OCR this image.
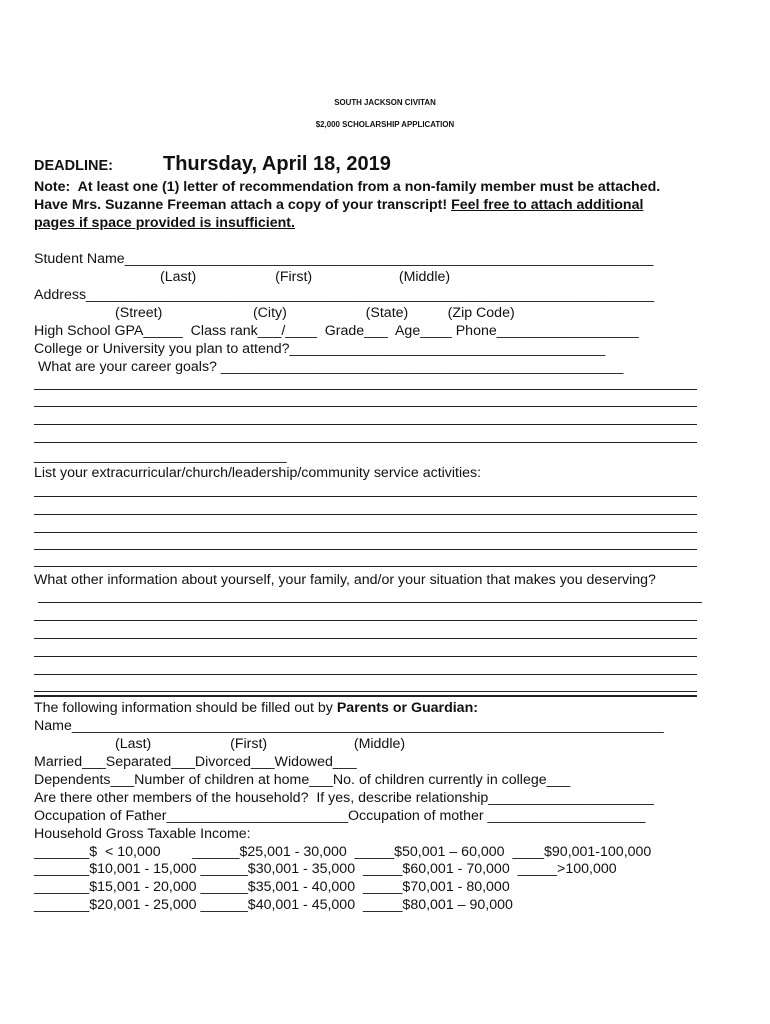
SOUTH JACKSON CIVITAN
$2,000 SCHOLARSHIP APPLICATION
DEADLINE:	Thursday, April 18, 2019
Note:  At least one (1) letter of recommendation from a non-family member must be attached.
Have Mrs. Suzanne Freeman attach a copy of your transcript! Feel free to attach additional
pages if space provided is insufficient.
Student Name___________________________________________________________________
(Last)                    (First)                      (Middle)
Address________________________________________________________________________
(Street)                       (City)                    (State)          (Zip Code)
High School GPA_____  Class rank___/____  Grade___  Age____ Phone__________________
College or University you plan to attend?________________________________________
What are your career goals? ___________________________________________________
________________________________
List your extracurricular/church/leadership/community service activities:
What other information about yourself, your family, and/or your situation that makes you deserving?
The following information should be filled out by Parents or Guardian:
Name___________________________________________________________________________
(Last)                    (First)                      (Middle)
Married___Separated___Divorced___Widowed___
Dependents___Number of children at home___No. of children currently in college___
Are there other members of the household?  If yes, describe relationship_____________________
Occupation of Father_______________________Occupation of mother ____________________
Household Gross Taxable Income:
_______$  < 10,000        ______$25,001 - 30,000  _____$50,001 – 60,000  ____$90,001-100,000
_______$10,001 - 15,000 ______$30,001 - 35,000  _____$60,001 - 70,000  _____>100,000
_______$15,001 - 20,000 ______$35,001 - 40,000  _____$70,001 - 80,000
_______$20,001 - 25,000 ______$40,001 - 45,000  _____$80,001 – 90,000
